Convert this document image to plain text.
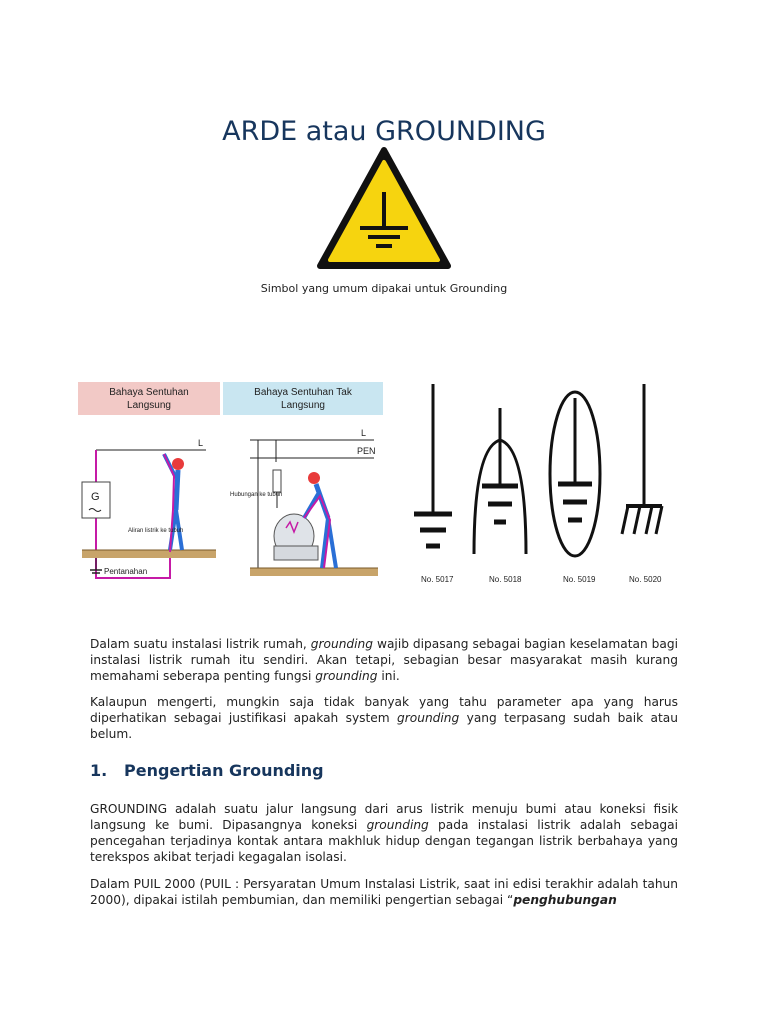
ARDE atau GROUNDING
Simbol yang umum dipakai untuk Grounding
Bahaya Sentuhan Langsung
Bahaya Sentuhan Tak Langsung
L
G
Pentanahan
Aliran listrik ke tubuh
L
PEN
Hubungan ke tubuh
No. 5017	No. 5018	No. 5019	No. 5020

Dalam suatu instalasi listrik rumah, grounding wajib dipasang sebagai bagian keselamatan bagi instalasi listrik rumah itu sendiri. Akan tetapi, sebagian besar masyarakat masih kurang memahami seberapa penting fungsi grounding ini.

Kalaupun mengerti, mungkin saja tidak banyak yang tahu parameter apa yang harus diperhatikan sebagai justifikasi apakah system grounding yang terpasang sudah baik atau belum.

1. Pengertian Grounding

GROUNDING adalah suatu jalur langsung dari arus listrik menuju bumi atau koneksi fisik langsung ke bumi. Dipasangnya koneksi grounding pada instalasi listrik adalah sebagai pencegahan terjadinya kontak antara makhluk hidup dengan tegangan listrik berbahaya yang terekspos akibat terjadi kegagalan isolasi.

Dalam PUIL 2000 (PUIL : Persyaratan Umum Instalasi Listrik, saat ini edisi terakhir adalah tahun 2000), dipakai istilah pembumian, dan memiliki pengertian sebagai “penghubungan
